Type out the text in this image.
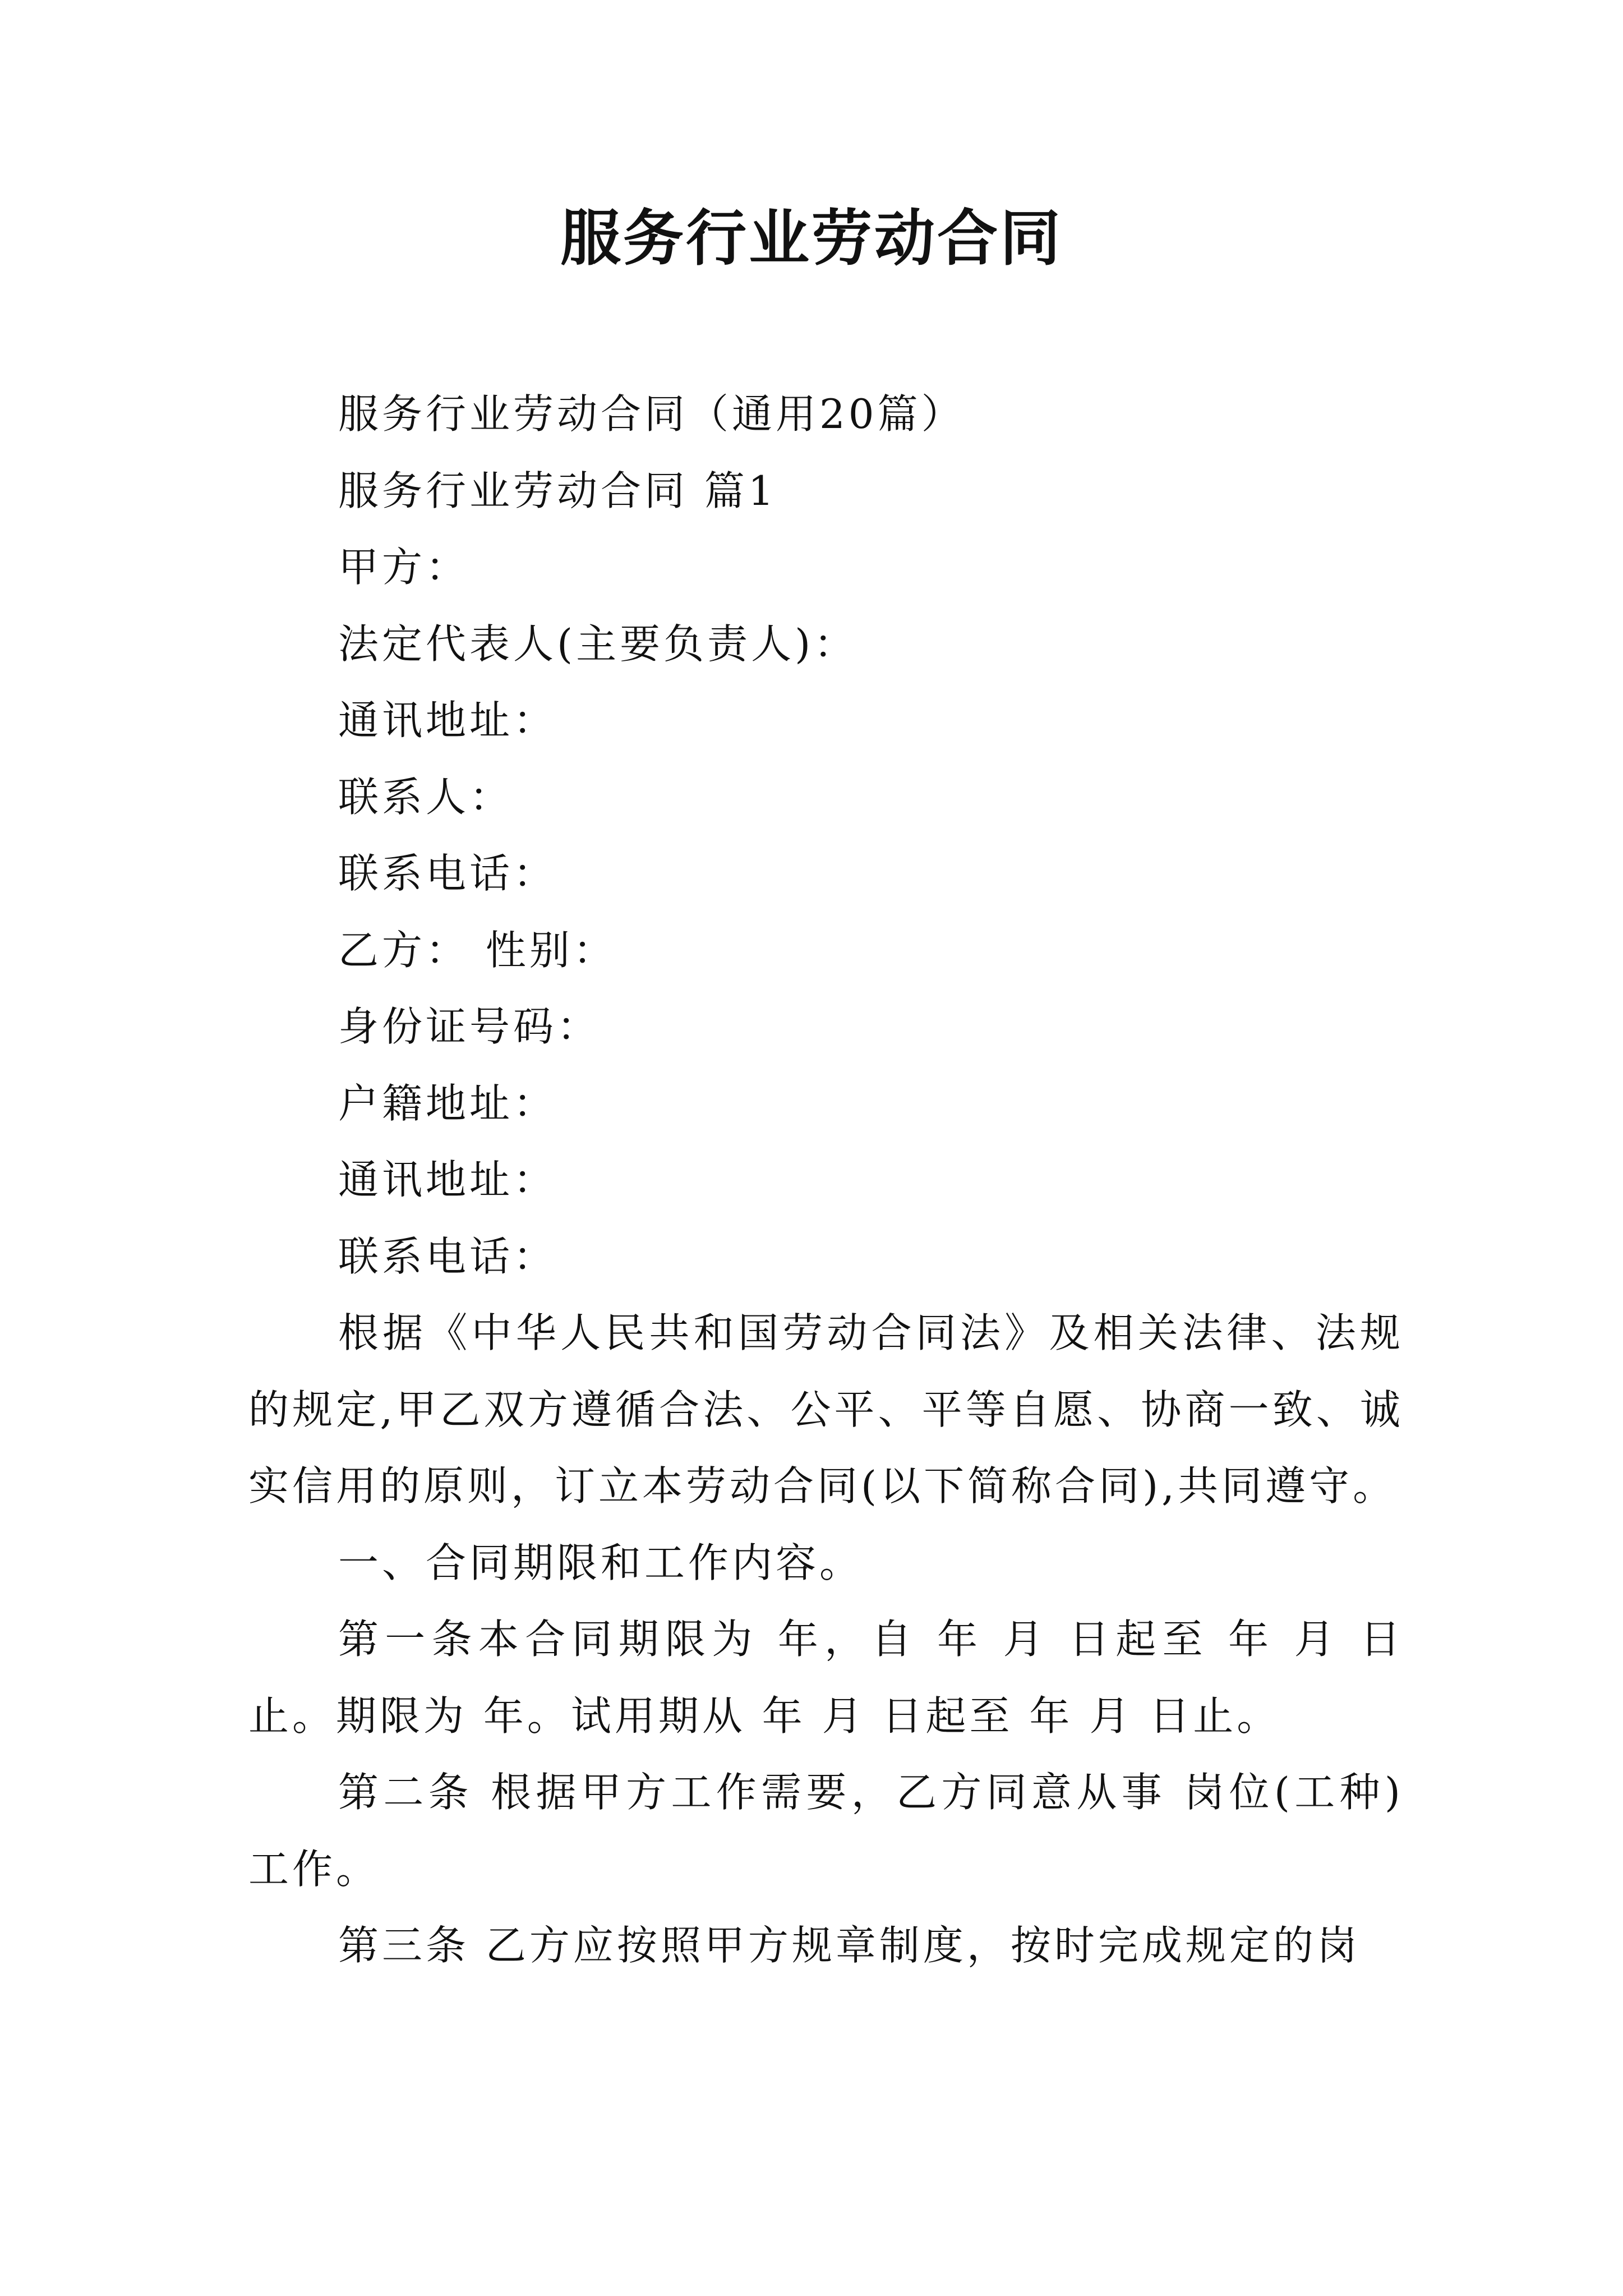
服务行业劳动合同

服务行业劳动合同（通用20篇）

服务行业劳动合同 篇1

甲方：

法定代表人(主要负责人)：

通讯地址：

联系人：

联系电话：

乙方： 性别：

身份证号码：

户籍地址：

通讯地址：

联系电话：

根据《中华人民共和国劳动合同法》及相关法律、法规的规定,甲乙双方遵循合法、公平、平等自愿、协商一致、诚实信用的原则，订立本劳动合同(以下简称合同),共同遵守。

一、合同期限和工作内容。

第一条本合同期限为 年，自 年 月 日起至 年 月 日止。期限为 年。试用期从 年 月 日起至 年 月 日止。

第二条 根据甲方工作需要，乙方同意从事 岗位(工种)工作。

第三条 乙方应按照甲方规章制度，按时完成规定的岗
